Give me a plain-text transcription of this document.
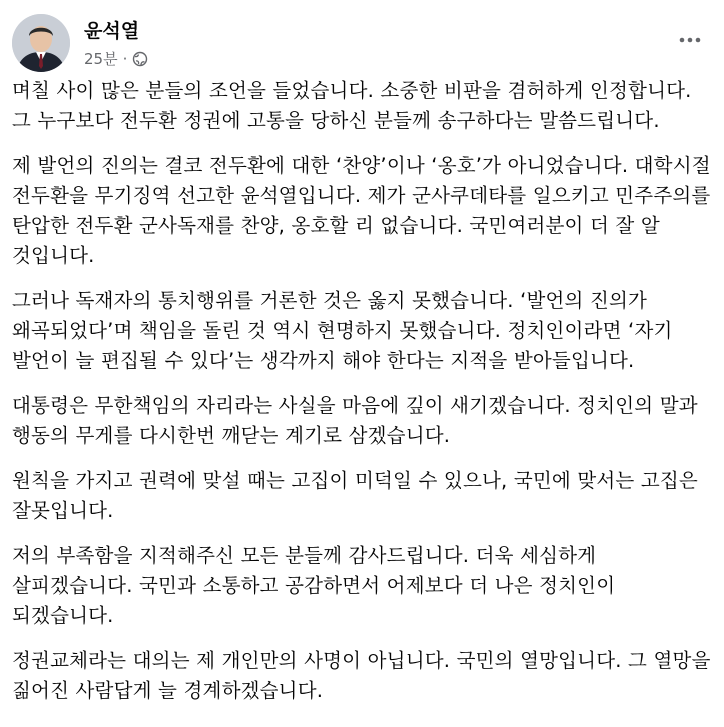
윤석열
25분 ·

며칠 사이 많은 분들의 조언을 들었습니다. 소중한 비판을 겸허하게 인정합니다. 그 누구보다 전두환 정권에 고통을 당하신 분들께 송구하다는 말씀드립니다.

제 발언의 진의는 결코 전두환에 대한 ‘찬양’이나 ‘옹호’가 아니었습니다. 대학시절 전두환을 무기징역 선고한 윤석열입니다. 제가 군사쿠데타를 일으키고 민주주의를 탄압한 전두환 군사독재를 찬양, 옹호할 리 없습니다. 국민여러분이 더 잘 알 것입니다.

그러나 독재자의 통치행위를 거론한 것은 옳지 못했습니다. ‘발언의 진의가 왜곡되었다’며 책임을 돌린 것 역시 현명하지 못했습니다. 정치인이라면 ‘자기 발언이 늘 편집될 수 있다’는 생각까지 해야 한다는 지적을 받아들입니다.

대통령은 무한책임의 자리라는 사실을 마음에 깊이 새기겠습니다. 정치인의 말과 행동의 무게를 다시한번 깨닫는 계기로 삼겠습니다.

원칙을 가지고 권력에 맞설 때는 고집이 미덕일 수 있으나, 국민에 맞서는 고집은 잘못입니다.

저의 부족함을 지적해주신 모든 분들께 감사드립니다. 더욱 세심하게 살피겠습니다. 국민과 소통하고 공감하면서 어제보다 더 나은 정치인이 되겠습니다.

정권교체라는 대의는 제 개인만의 사명이 아닙니다. 국민의 열망입니다. 그 열망을 짊어진 사람답게 늘 경계하겠습니다.
